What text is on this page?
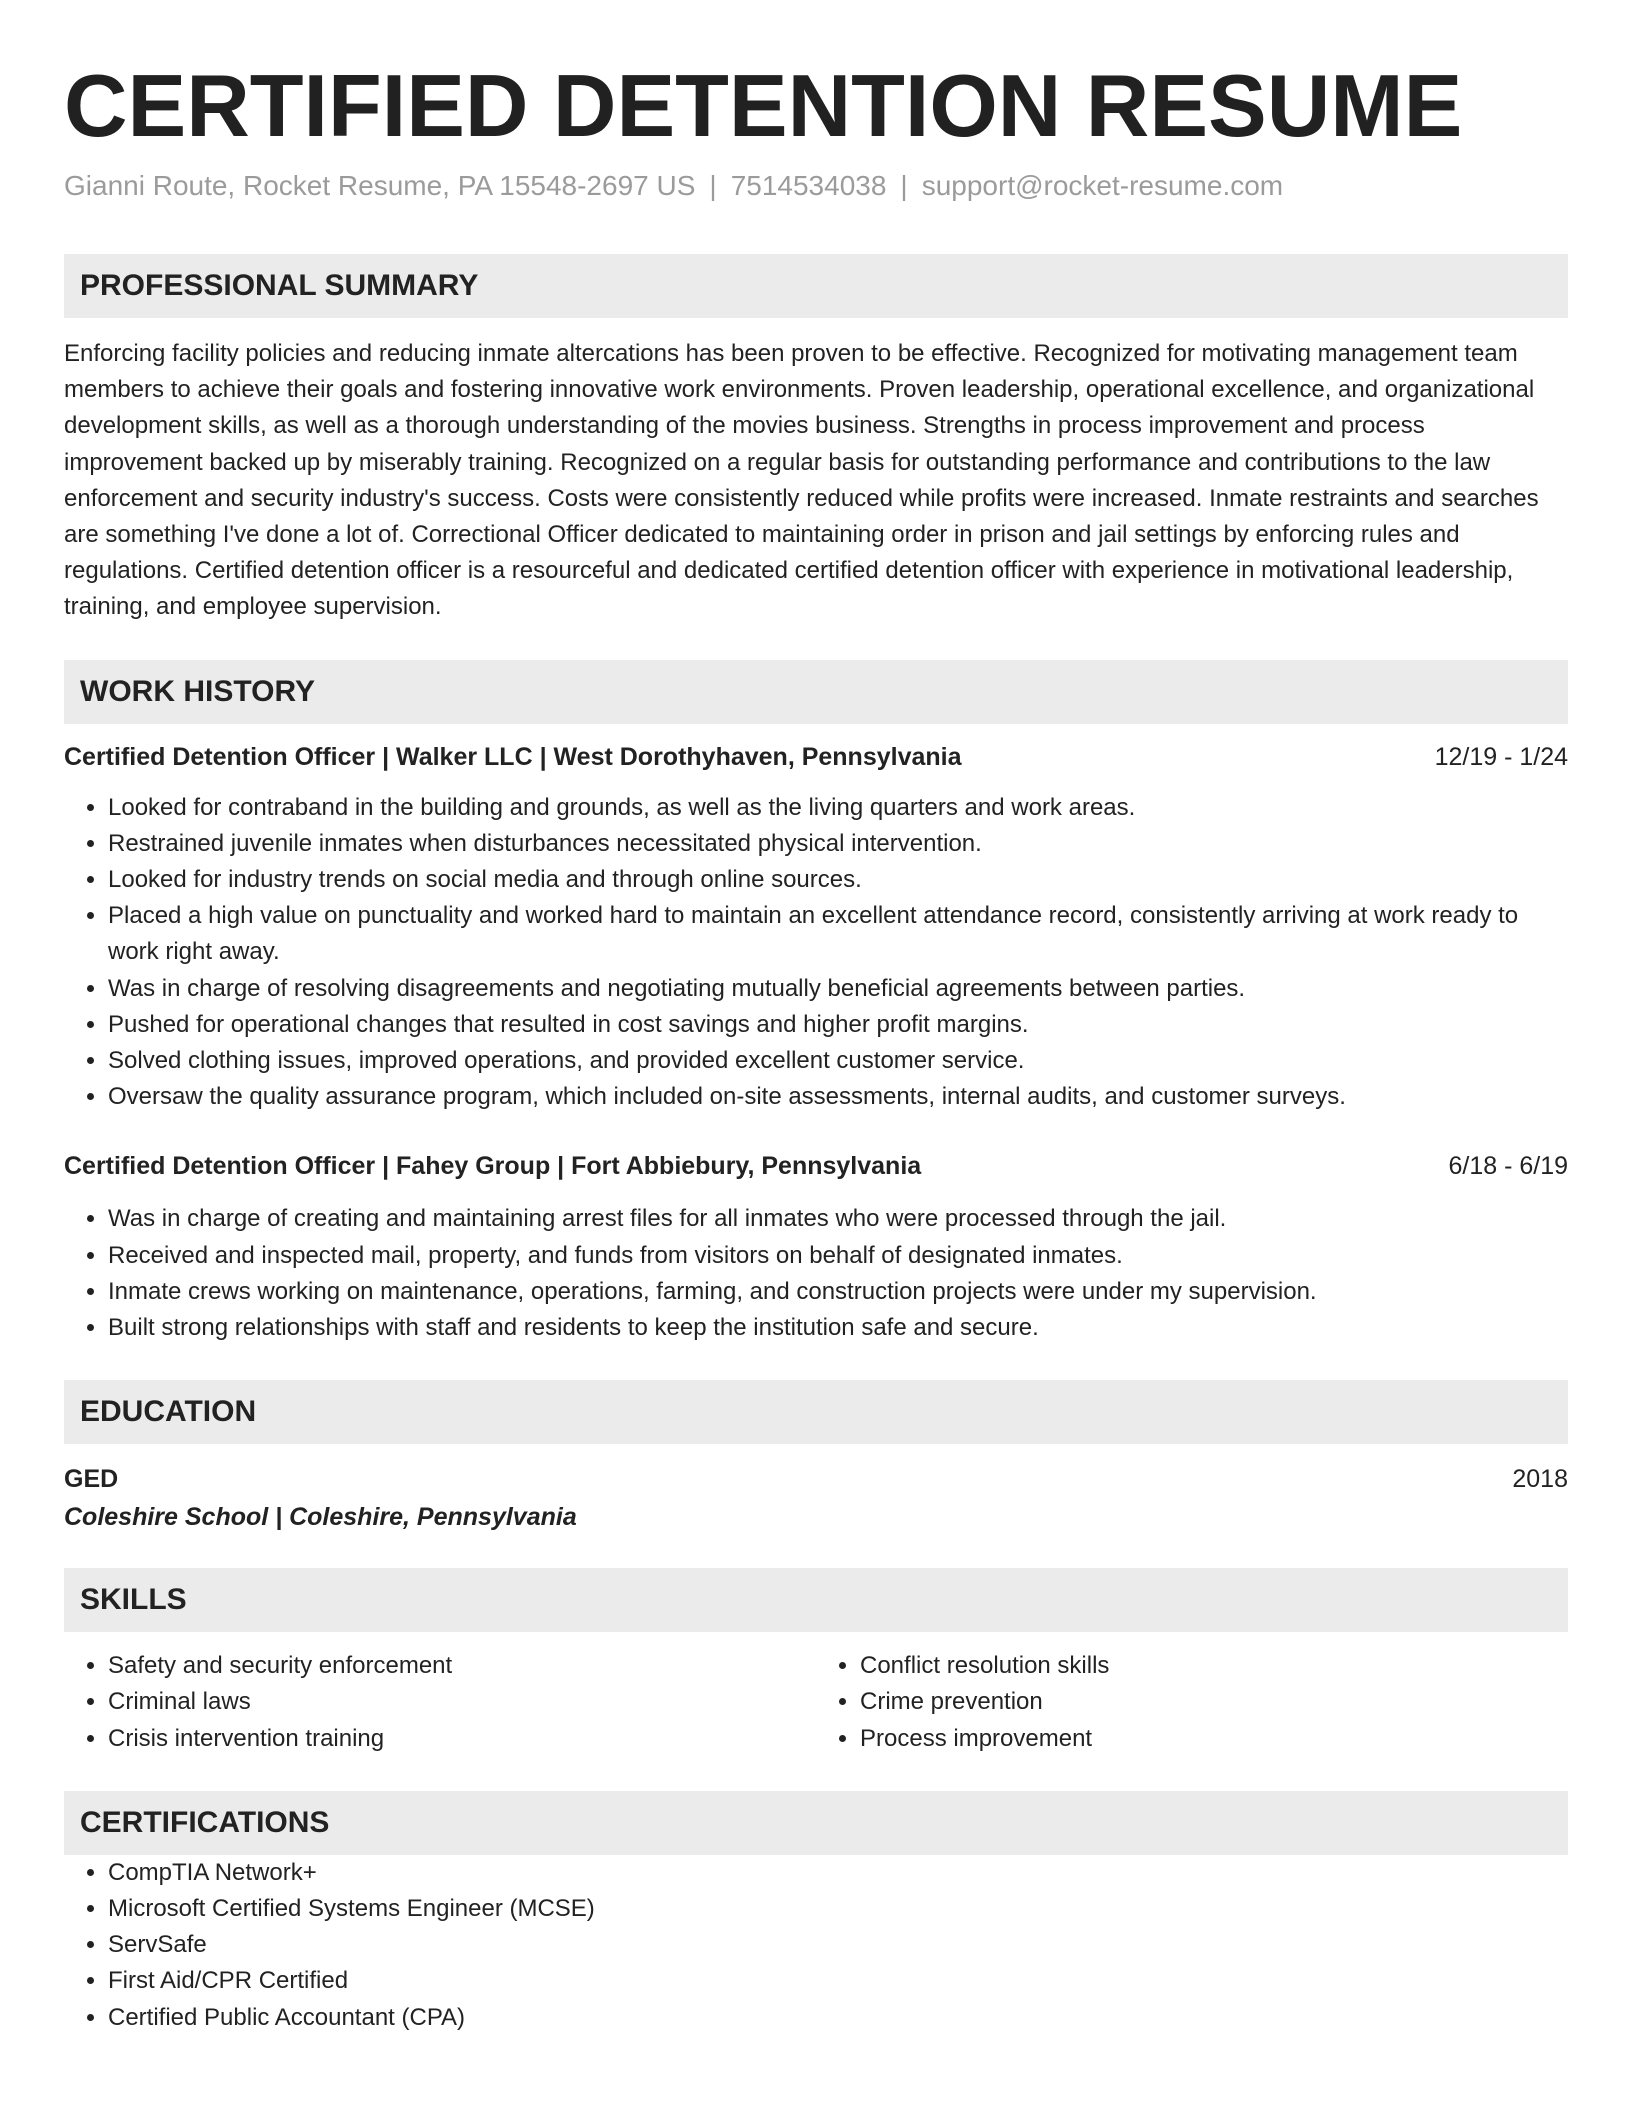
CERTIFIED DETENTION RESUME
Gianni Route, Rocket Resume, PA 15548-2697 US | 7514534038 | support@rocket-resume.com
PROFESSIONAL SUMMARY
Enforcing facility policies and reducing inmate altercations has been proven to be effective. Recognized for motivating management team members to achieve their goals and fostering innovative work environments. Proven leadership, operational excellence, and organizational development skills, as well as a thorough understanding of the movies business. Strengths in process improvement and process improvement backed up by miserably training. Recognized on a regular basis for outstanding performance and contributions to the law enforcement and security industry's success. Costs were consistently reduced while profits were increased. Inmate restraints and searches are something I've done a lot of. Correctional Officer dedicated to maintaining order in prison and jail settings by enforcing rules and regulations. Certified detention officer is a resourceful and dedicated certified detention officer with experience in motivational leadership, training, and employee supervision.
WORK HISTORY
Certified Detention Officer | Walker LLC | West Dorothyhaven, Pennsylvania	12/19 - 1/24
• Looked for contraband in the building and grounds, as well as the living quarters and work areas.
• Restrained juvenile inmates when disturbances necessitated physical intervention.
• Looked for industry trends on social media and through online sources.
• Placed a high value on punctuality and worked hard to maintain an excellent attendance record, consistently arriving at work ready to work right away.
• Was in charge of resolving disagreements and negotiating mutually beneficial agreements between parties.
• Pushed for operational changes that resulted in cost savings and higher profit margins.
• Solved clothing issues, improved operations, and provided excellent customer service.
• Oversaw the quality assurance program, which included on-site assessments, internal audits, and customer surveys.
Certified Detention Officer | Fahey Group | Fort Abbiebury, Pennsylvania	6/18 - 6/19
• Was in charge of creating and maintaining arrest files for all inmates who were processed through the jail.
• Received and inspected mail, property, and funds from visitors on behalf of designated inmates.
• Inmate crews working on maintenance, operations, farming, and construction projects were under my supervision.
• Built strong relationships with staff and residents to keep the institution safe and secure.
EDUCATION
GED	2018
Coleshire School | Coleshire, Pennsylvania
SKILLS
• Safety and security enforcement
• Criminal laws
• Crisis intervention training
• Conflict resolution skills
• Crime prevention
• Process improvement
CERTIFICATIONS
• CompTIA Network+
• Microsoft Certified Systems Engineer (MCSE)
• ServSafe
• First Aid/CPR Certified
• Certified Public Accountant (CPA)
